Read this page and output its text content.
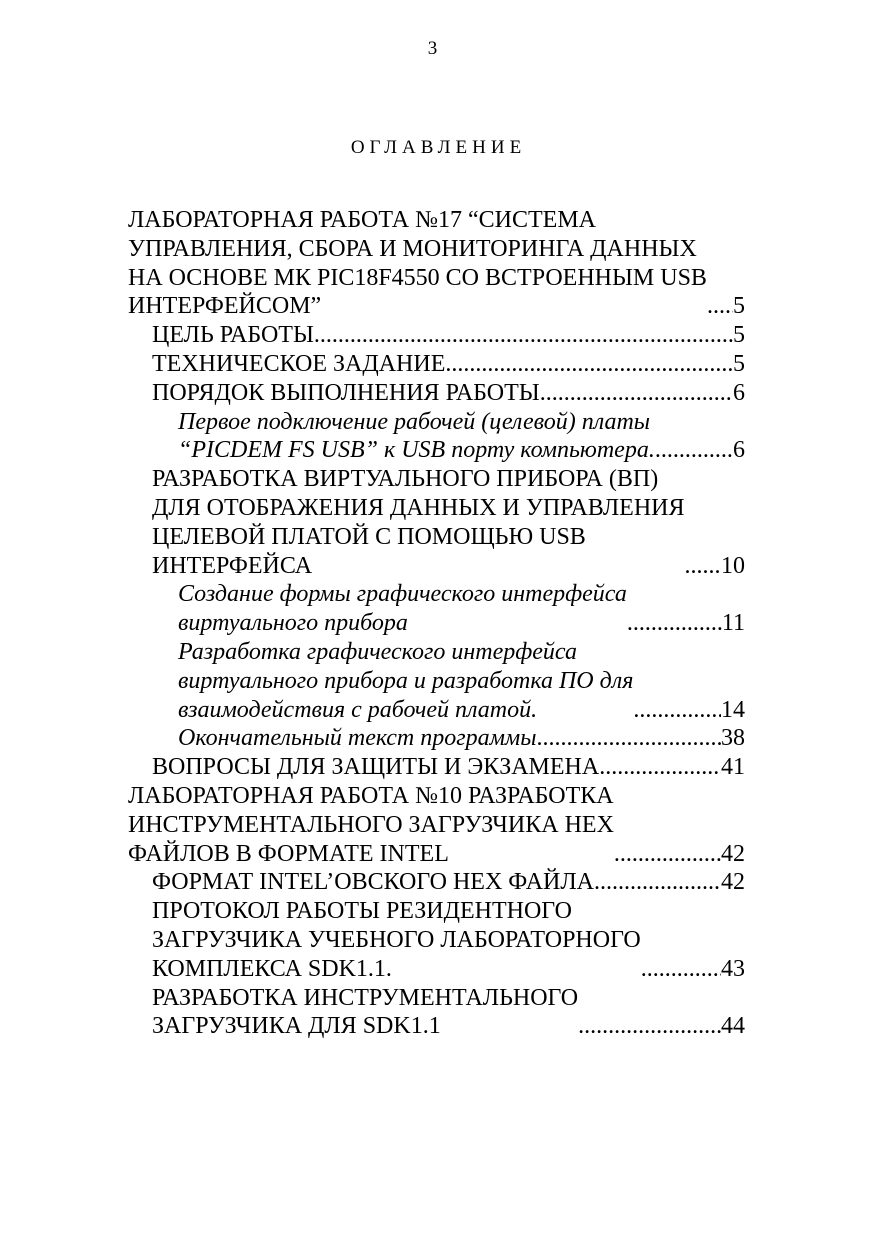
3
ОГЛАВЛЕНИЕ
ЛАБОРАТОРНАЯ РАБОТА №17 “СИСТЕМА
УПРАВЛЕНИЯ, СБОРА И МОНИТОРИНГА ДАННЫХ
НА ОСНОВЕ МК PIC18F4550 СО ВСТРОЕННЫМ USB
ИНТЕРФЕЙСОМ” .....	5
ЦЕЛЬ РАБОТЫ .....	5
ТЕХНИЧЕСКОЕ ЗАДАНИЕ .....	5
ПОРЯДОК ВЫПОЛНЕНИЯ РАБОТЫ .....	6
Первое подключение рабочей (целевой) платы
“PICDEM FS USB” к USB порту компьютера. .....	6
РАЗРАБОТКА ВИРТУАЛЬНОГО ПРИБОРА (ВП)
ДЛЯ ОТОБРАЖЕНИЯ ДАННЫХ И УПРАВЛЕНИЯ
ЦЕЛЕВОЙ ПЛАТОЙ С ПОМОЩЬЮ USB
ИНТЕРФЕЙСА .....	10
Создание формы графического интерфейса
виртуального прибора .....	11
Разработка графического интерфейса
виртуального прибора и разработка ПО для
взаимодействия с рабочей платой. .....	14
Окончательный текст программы .....	38
ВОПРОСЫ ДЛЯ ЗАЩИТЫ И ЭКЗАМЕНА .....	41
ЛАБОРАТОРНАЯ РАБОТА №10 РАЗРАБОТКА
ИНСТРУМЕНТАЛЬНОГО ЗАГРУЗЧИКА HEX
ФАЙЛОВ В ФОРМАТЕ INTEL .....	42
ФОРМАТ INTEL’ОВСКОГО HEX ФАЙЛА .....	42
ПРОТОКОЛ РАБОТЫ РЕЗИДЕНТНОГО
ЗАГРУЗЧИКА УЧЕБНОГО ЛАБОРАТОРНОГО
КОМПЛЕКСА SDK1.1. .....	43
РАЗРАБОТКА ИНСТРУМЕНТАЛЬНОГО
ЗАГРУЗЧИКА ДЛЯ SDK1.1 .....	44
